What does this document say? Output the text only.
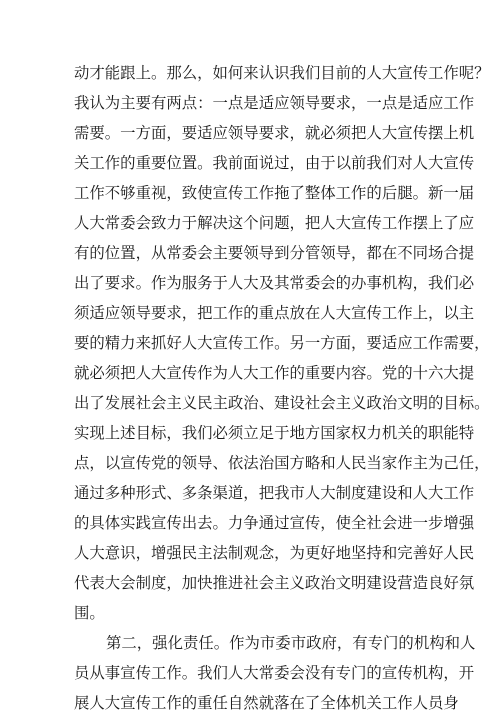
动才能跟上。那么，如何来认识我们目前的人大宣传工作呢？
我认为主要有两点：一点是适应领导要求，一点是适应工作
需要。一方面，要适应领导要求，就必须把人大宣传摆上机
关工作的重要位置。我前面说过，由于以前我们对人大宣传
工作不够重视，致使宣传工作拖了整体工作的后腿。新一届
人大常委会致力于解决这个问题，把人大宣传工作摆上了应
有的位置，从常委会主要领导到分管领导，都在不同场合提
出了要求。作为服务于人大及其常委会的办事机构，我们必
须适应领导要求，把工作的重点放在人大宣传工作上，以主
要的精力来抓好人大宣传工作。另一方面，要适应工作需要，
就必须把人大宣传作为人大工作的重要内容。党的十六大提
出了发展社会主义民主政治、建设社会主义政治文明的目标。
实现上述目标，我们必须立足于地方国家权力机关的职能特
点，以宣传党的领导、依法治国方略和人民当家作主为己任，
通过多种形式、多条渠道，把我市人大制度建设和人大工作
的具体实践宣传出去。力争通过宣传，使全社会进一步增强
人大意识，增强民主法制观念，为更好地坚持和完善好人民
代表大会制度，加快推进社会主义政治文明建设营造良好氛
围。
第二，强化责任。作为市委市政府，有专门的机构和人
员从事宣传工作。我们人大常委会没有专门的宣传机构，开
展人大宣传工作的重任自然就落在了全体机关工作人员身
